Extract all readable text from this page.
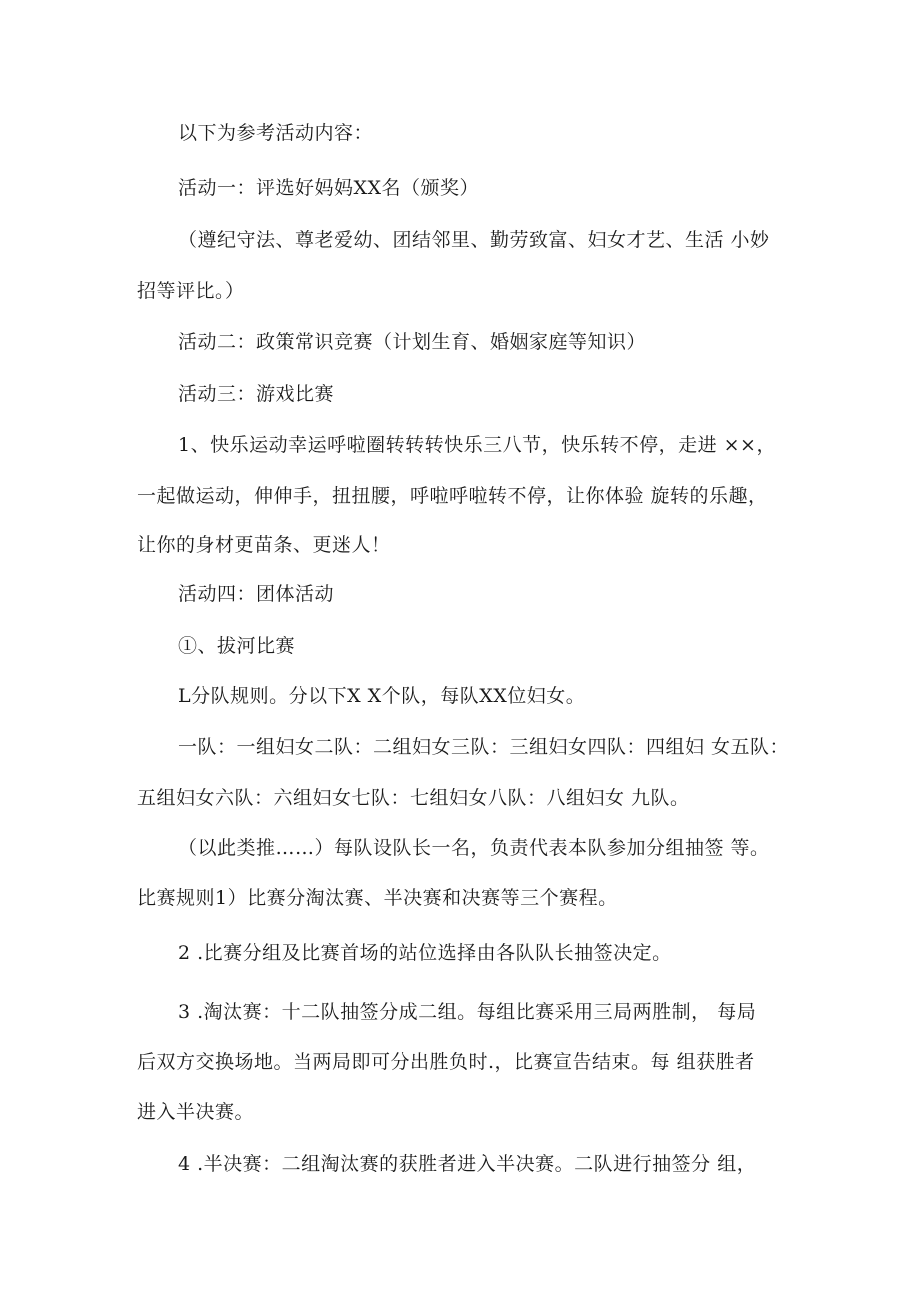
以下为参考活动内容：
活动一：评选好妈妈XX名（颁奖）
（遵纪守法、尊老爱幼、团结邻里、勤劳致富、妇女才艺、生活 小妙
招等评比。）
活动二：政策常识竞赛（计划生育、婚姻家庭等知识）
活动三：游戏比赛
1、快乐运动幸运呼啦圈转转转快乐三八节，快乐转不停，走进 ××，
一起做运动，伸伸手，扭扭腰，呼啦呼啦转不停，让你体验 旋转的乐趣，
让你的身材更苗条、更迷人！
活动四：团体活动
①、拔河比赛
L分队规则。分以下X X个队，每队XX位妇女。
一队：一组妇女二队：二组妇女三队：三组妇女四队：四组妇 女五队：
五组妇女六队：六组妇女七队：七组妇女八队：八组妇女 九队。
（以此类推……）每队设队长一名，负责代表本队参加分组抽签 等。
比赛规则1）比赛分淘汰赛、半决赛和决赛等三个赛程。
2 .比赛分组及比赛首场的站位选择由各队队长抽签决定。
3 .淘汰赛：十二队抽签分成二组。每组比赛采用三局两胜制， 每局
后双方交换场地。当两局即可分出胜负时.，比赛宣告结束。每 组获胜者
进入半决赛。
4 .半决赛：二组淘汰赛的获胜者进入半决赛。二队进行抽签分 组，
